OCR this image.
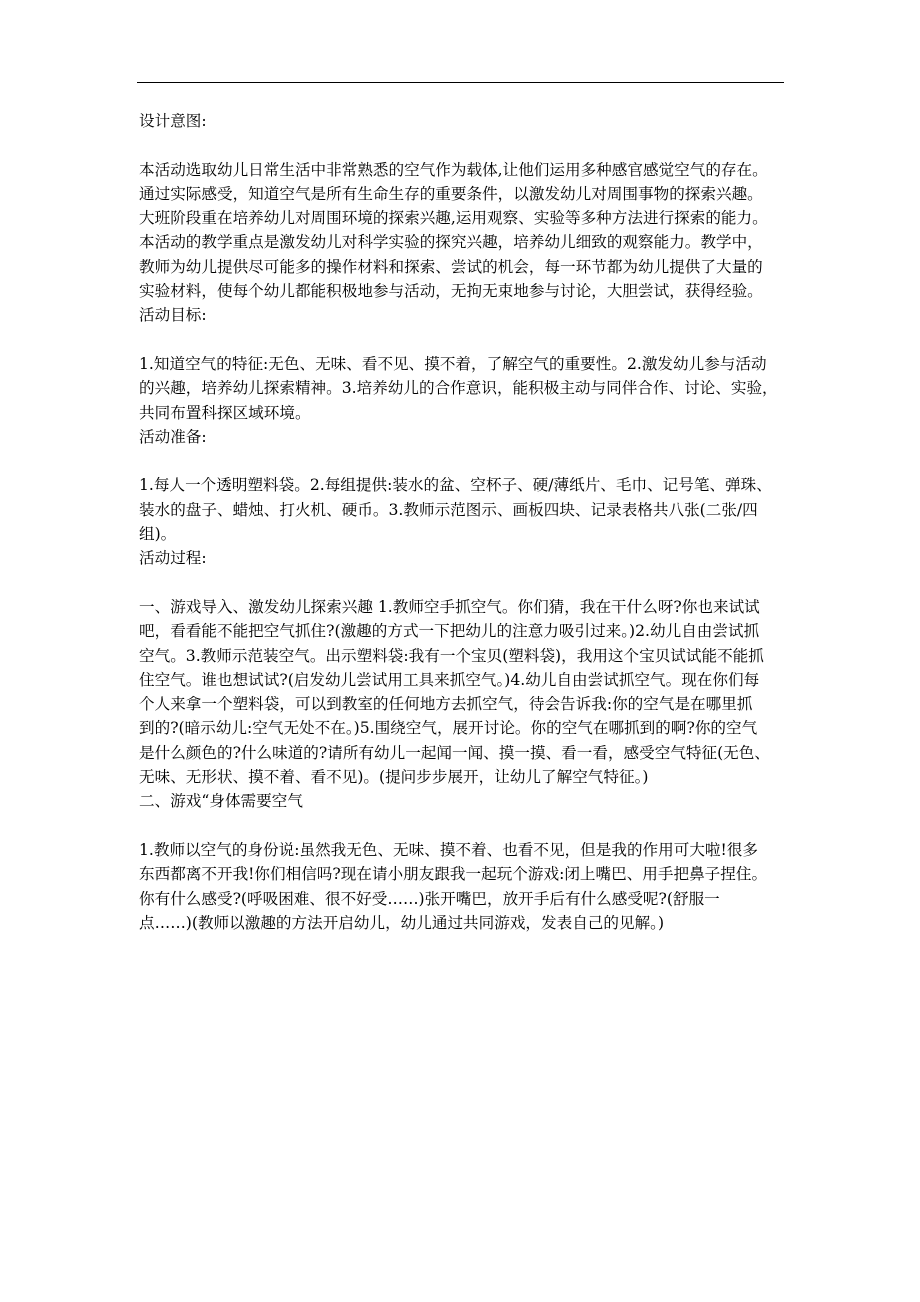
设计意图:

本活动选取幼儿日常生活中非常熟悉的空气作为载体,让他们运用多种感官感觉空气的存在。
通过实际感受，知道空气是所有生命生存的重要条件，以激发幼儿对周围事物的探索兴趣。
大班阶段重在培养幼儿对周围环境的探索兴趣,运用观察、实验等多种方法进行探索的能力。
本活动的教学重点是激发幼儿对科学实验的探究兴趣，培养幼儿细致的观察能力。教学中，
教师为幼儿提供尽可能多的操作材料和探索、尝试的机会，每一环节都为幼儿提供了大量的
实验材料，使每个幼儿都能积极地参与活动，无拘无束地参与讨论，大胆尝试，获得经验。

活动目标:

1.知道空气的特征:无色、无味、看不见、摸不着，了解空气的重要性。2.激发幼儿参与活动
的兴趣，培养幼儿探索精神。3.培养幼儿的合作意识，能积极主动与同伴合作、讨论、实验，
共同布置科探区域环境。

活动准备:

1.每人一个透明塑料袋。2.每组提供:装水的盆、空杯子、硬/薄纸片、毛巾、记号笔、弹珠、
装水的盘子、蜡烛、打火机、硬币。3.教师示范图示、画板四块、记录表格共八张(二张/四
组)。

活动过程:

一、游戏导入、激发幼儿探索兴趣 1.教师空手抓空气。你们猜，我在干什么呀?你也来试试
吧，看看能不能把空气抓住?(激趣的方式一下把幼儿的注意力吸引过来。)2.幼儿自由尝试抓
空气。3.教师示范装空气。出示塑料袋:我有一个宝贝(塑料袋)，我用这个宝贝试试能不能抓
住空气。谁也想试试?(启发幼儿尝试用工具来抓空气。)4.幼儿自由尝试抓空气。现在你们每
个人来拿一个塑料袋，可以到教室的任何地方去抓空气，待会告诉我:你的空气是在哪里抓
到的?(暗示幼儿:空气无处不在。)5.围绕空气，展开讨论。你的空气在哪抓到的啊?你的空气
是什么颜色的?什么味道的?请所有幼儿一起闻一闻、摸一摸、看一看，感受空气特征(无色、
无味、无形状、摸不着、看不见)。(提问步步展开，让幼儿了解空气特征。)

二、游戏“身体需要空气

1.教师以空气的身份说:虽然我无色、无味、摸不着、也看不见，但是我的作用可大啦!很多
东西都离不开我!你们相信吗?现在请小朋友跟我一起玩个游戏:闭上嘴巴、用手把鼻子捏住。
你有什么感受?(呼吸困难、很不好受……)张开嘴巴，放开手后有什么感受呢?(舒服一
点……)(教师以激趣的方法开启幼儿，幼儿通过共同游戏，发表自己的见解。)
